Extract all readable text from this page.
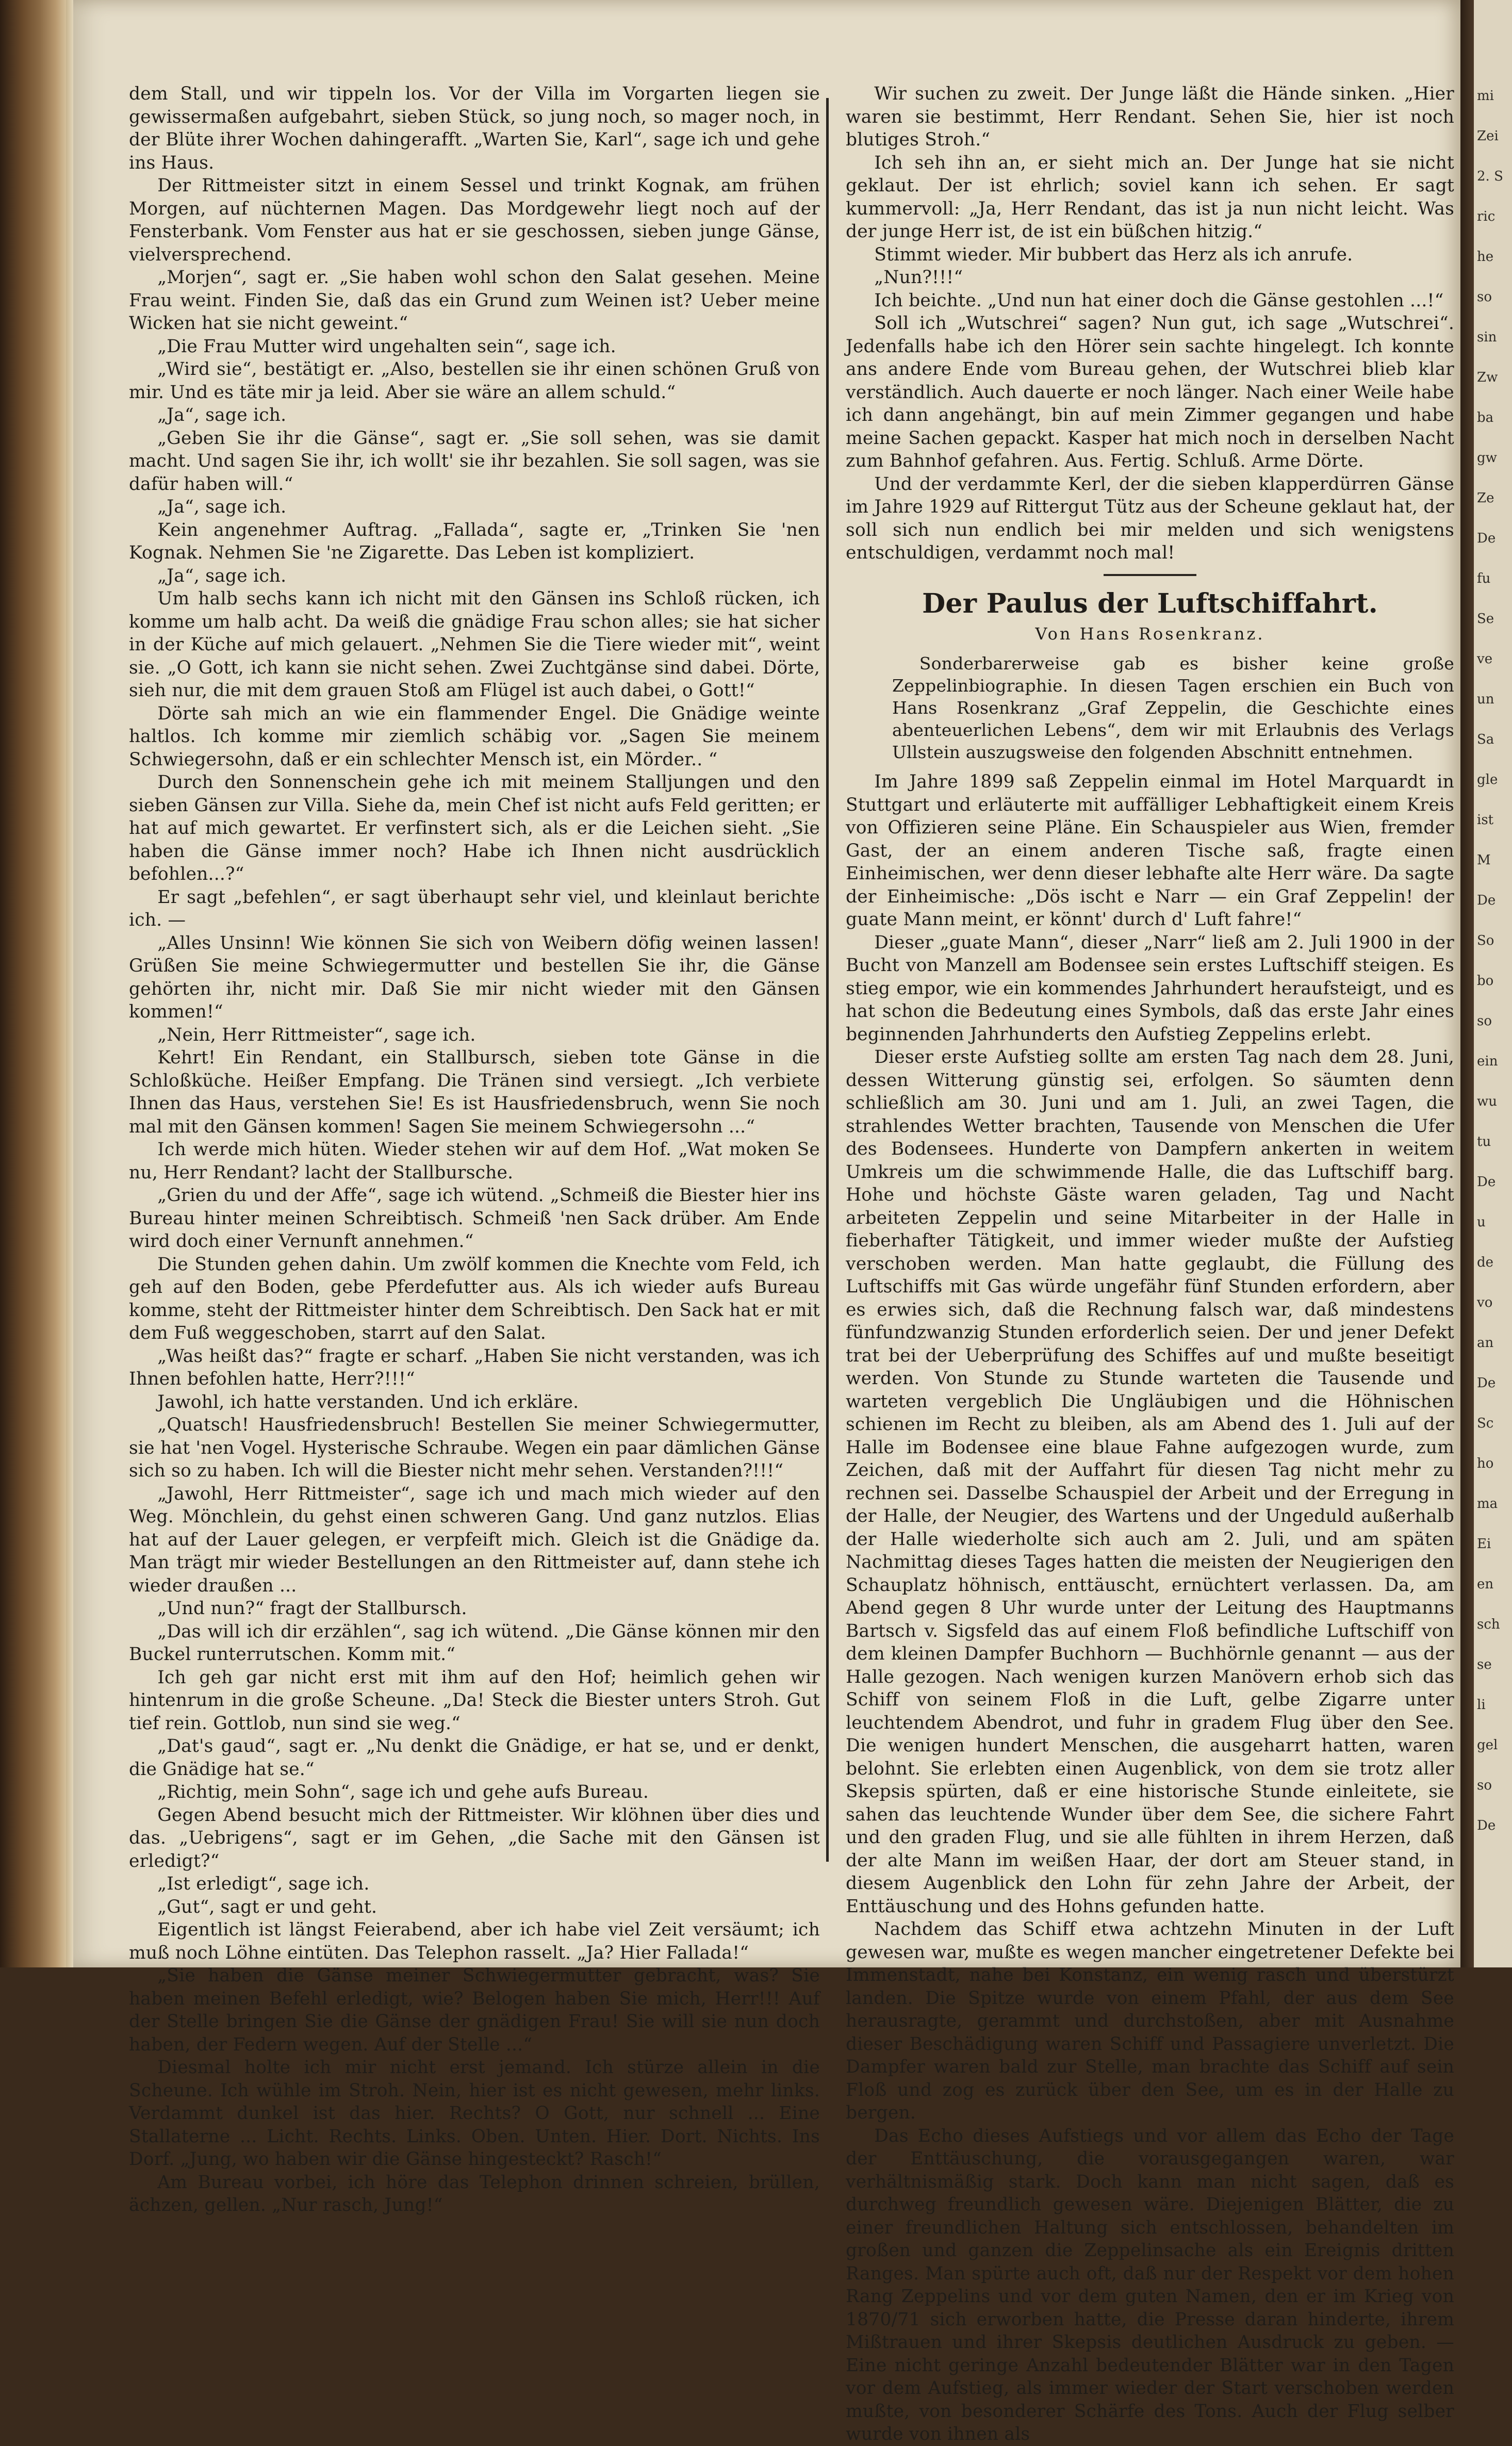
dem Stall, und wir tippeln los. Vor der Villa im Vorgarten liegen sie gewissermaßen aufgebahrt, sieben Stück, so jung noch, so mager noch, in der Blüte ihrer Wochen dahingerafft. „Warten Sie, Karl“, sage ich und gehe ins Haus.

Der Rittmeister sitzt in einem Sessel und trinkt Kognak, am frühen Morgen, auf nüchternen Magen. Das Mordgewehr liegt noch auf der Fensterbank. Vom Fenster aus hat er sie geschossen, sieben junge Gänse, vielversprechend.

„Morjen“, sagt er. „Sie haben wohl schon den Salat gesehen. Meine Frau weint. Finden Sie, daß das ein Grund zum Weinen ist? Ueber meine Wicken hat sie nicht geweint.“

„Die Frau Mutter wird ungehalten sein“, sage ich.

„Wird sie“, bestätigt er. „Also, bestellen sie ihr einen schönen Gruß von mir. Und es täte mir ja leid. Aber sie wäre an allem schuld.“

„Ja“, sage ich.

„Geben Sie ihr die Gänse“, sagt er. „Sie soll sehen, was sie damit macht. Und sagen Sie ihr, ich wollt' sie ihr bezahlen. Sie soll sagen, was sie dafür haben will.“

„Ja“, sage ich.

Kein angenehmer Auftrag. „Fallada“, sagte er, „Trinken Sie 'nen Kognak. Nehmen Sie 'ne Zigarette. Das Leben ist kompliziert.

„Ja“, sage ich.

Um halb sechs kann ich nicht mit den Gänsen ins Schloß rücken, ich komme um halb acht. Da weiß die gnädige Frau schon alles; sie hat sicher in der Küche auf mich gelauert. „Nehmen Sie die Tiere wieder mit“, weint sie. „O Gott, ich kann sie nicht sehen. Zwei Zuchtgänse sind dabei. Dörte, sieh nur, die mit dem grauen Stoß am Flügel ist auch dabei, o Gott!“

Dörte sah mich an wie ein flammender Engel. Die Gnädige weinte haltlos. Ich komme mir ziemlich schäbig vor. „Sagen Sie meinem Schwiegersohn, daß er ein schlechter Mensch ist, ein Mörder.. “

Durch den Sonnenschein gehe ich mit meinem Stalljungen und den sieben Gänsen zur Villa. Siehe da, mein Chef ist nicht aufs Feld geritten; er hat auf mich gewartet. Er verfinstert sich, als er die Leichen sieht. „Sie haben die Gänse immer noch? Habe ich Ihnen nicht ausdrücklich befohlen...?“

Er sagt „befehlen“, er sagt überhaupt sehr viel, und kleinlaut berichte ich. —

„Alles Unsinn! Wie können Sie sich von Weibern döfig weinen lassen! Grüßen Sie meine Schwiegermutter und bestellen Sie ihr, die Gänse gehörten ihr, nicht mir. Daß Sie mir nicht wieder mit den Gänsen kommen!“

„Nein, Herr Rittmeister“, sage ich.

Kehrt! Ein Rendant, ein Stallbursch, sieben tote Gänse in die Schloßküche. Heißer Empfang. Die Tränen sind versiegt. „Ich verbiete Ihnen das Haus, verstehen Sie! Es ist Hausfriedensbruch, wenn Sie noch mal mit den Gänsen kommen! Sagen Sie meinem Schwiegersohn ...“

Ich werde mich hüten. Wieder stehen wir auf dem Hof. „Wat moken Se nu, Herr Rendant? lacht der Stallbursche.

„Grien du und der Affe“, sage ich wütend. „Schmeiß die Biester hier ins Bureau hinter meinen Schreibtisch. Schmeiß 'nen Sack drüber. Am Ende wird doch einer Vernunft annehmen.“

Die Stunden gehen dahin. Um zwölf kommen die Knechte vom Feld, ich geh auf den Boden, gebe Pferdefutter aus. Als ich wieder aufs Bureau komme, steht der Rittmeister hinter dem Schreibtisch. Den Sack hat er mit dem Fuß weggeschoben, starrt auf den Salat.

„Was heißt das?“ fragte er scharf. „Haben Sie nicht verstanden, was ich Ihnen befohlen hatte, Herr?!!!“

Jawohl, ich hatte verstanden. Und ich erkläre.

„Quatsch! Hausfriedensbruch! Bestellen Sie meiner Schwiegermutter, sie hat 'nen Vogel. Hysterische Schraube. Wegen ein paar dämlichen Gänse sich so zu haben. Ich will die Biester nicht mehr sehen. Verstanden?!!!“

„Jawohl, Herr Rittmeister“, sage ich und mach mich wieder auf den Weg. Mönchlein, du gehst einen schweren Gang. Und ganz nutzlos. Elias hat auf der Lauer gelegen, er verpfeift mich. Gleich ist die Gnädige da. Man trägt mir wieder Bestellungen an den Rittmeister auf, dann stehe ich wieder draußen ...

„Und nun?“ fragt der Stallbursch.

„Das will ich dir erzählen“, sag ich wütend. „Die Gänse können mir den Buckel runterrutschen. Komm mit.“

Ich geh gar nicht erst mit ihm auf den Hof; heimlich gehen wir hintenrum in die große Scheune. „Da! Steck die Biester unters Stroh. Gut tief rein. Gottlob, nun sind sie weg.“

„Dat's gaud“, sagt er. „Nu denkt die Gnädige, er hat se, und er denkt, die Gnädige hat se.“

„Richtig, mein Sohn“, sage ich und gehe aufs Bureau.

Gegen Abend besucht mich der Rittmeister. Wir klöhnen über dies und das. „Uebrigens“, sagt er im Gehen, „die Sache mit den Gänsen ist erledigt?“

„Ist erledigt“, sage ich.

„Gut“, sagt er und geht.

Eigentlich ist längst Feierabend, aber ich habe viel Zeit versäumt; ich muß noch Löhne eintüten. Das Telephon rasselt. „Ja? Hier Fallada!“

„Sie haben die Gänse meiner Schwiegermutter gebracht, was? Sie haben meinen Befehl erledigt, wie? Belogen haben Sie mich, Herr!!! Auf der Stelle bringen Sie die Gänse der gnädigen Frau! Sie will sie nun doch haben, der Federn wegen. Auf der Stelle ...“

Diesmal holte ich mir nicht erst jemand. Ich stürze allein in die Scheune. Ich wühle im Stroh. Nein, hier ist es nicht gewesen, mehr links. Verdammt dunkel ist das hier. Rechts? O Gott, nur schnell ... Eine Stallaterne ... Licht. Rechts. Links. Oben. Unten. Hier. Dort. Nichts. Ins Dorf. „Jung, wo haben wir die Gänse hingesteckt? Rasch!“

Am Bureau vorbei, ich höre das Telephon drinnen schreien, brüllen, ächzen, gellen. „Nur rasch, Jung!“

Wir suchen zu zweit. Der Junge läßt die Hände sinken. „Hier waren sie bestimmt, Herr Rendant. Sehen Sie, hier ist noch blutiges Stroh.“

Ich seh ihn an, er sieht mich an. Der Junge hat sie nicht geklaut. Der ist ehrlich; soviel kann ich sehen. Er sagt kummervoll: „Ja, Herr Rendant, das ist ja nun nicht leicht. Was der junge Herr ist, de ist ein büßchen hitzig.“

Stimmt wieder. Mir bubbert das Herz als ich anrufe.

„Nun?!!!“

Ich beichte. „Und nun hat einer doch die Gänse gestohlen ...!“

Soll ich „Wutschrei“ sagen? Nun gut, ich sage „Wutschrei“. Jedenfalls habe ich den Hörer sein sachte hingelegt. Ich konnte ans andere Ende vom Bureau gehen, der Wutschrei blieb klar verständlich. Auch dauerte er noch länger. Nach einer Weile habe ich dann angehängt, bin auf mein Zimmer gegangen und habe meine Sachen gepackt. Kasper hat mich noch in derselben Nacht zum Bahnhof gefahren. Aus. Fertig. Schluß. Arme Dörte.

Und der verdammte Kerl, der die sieben klapperdürren Gänse im Jahre 1929 auf Rittergut Tütz aus der Scheune geklaut hat, der soll sich nun endlich bei mir melden und sich wenigstens entschuldigen, verdammt noch mal!

Der Paulus der Luftschiffahrt.
Von Hans Rosenkranz.

Sonderbarerweise gab es bisher keine große Zeppelinbiographie. In diesen Tagen erschien ein Buch von Hans Rosenkranz „Graf Zeppelin, die Geschichte eines abenteuerlichen Lebens“, dem wir mit Erlaubnis des Verlags Ullstein auszugsweise den folgenden Abschnitt entnehmen.

Im Jahre 1899 saß Zeppelin einmal im Hotel Marquardt in Stuttgart und erläuterte mit auffälliger Lebhaftigkeit einem Kreis von Offizieren seine Pläne. Ein Schauspieler aus Wien, fremder Gast, der an einem anderen Tische saß, fragte einen Einheimischen, wer denn dieser lebhafte alte Herr wäre. Da sagte der Einheimische: „Dös ischt e Narr — ein Graf Zeppelin! der guate Mann meint, er könnt' durch d' Luft fahre!“

Dieser „guate Mann“, dieser „Narr“ ließ am 2. Juli 1900 in der Bucht von Manzell am Bodensee sein erstes Luftschiff steigen. Es stieg empor, wie ein kommendes Jahrhundert heraufsteigt, und es hat schon die Bedeutung eines Symbols, daß das erste Jahr eines beginnenden Jahrhunderts den Aufstieg Zeppelins erlebt.

Dieser erste Aufstieg sollte am ersten Tag nach dem 28. Juni, dessen Witterung günstig sei, erfolgen. So säumten denn schließlich am 30. Juni und am 1. Juli, an zwei Tagen, die strahlendes Wetter brachten, Tausende von Menschen die Ufer des Bodensees. Hunderte von Dampfern ankerten in weitem Umkreis um die schwimmende Halle, die das Luftschiff barg. Hohe und höchste Gäste waren geladen, Tag und Nacht arbeiteten Zeppelin und seine Mitarbeiter in der Halle in fieberhafter Tätigkeit, und immer wieder mußte der Aufstieg verschoben werden. Man hatte geglaubt, die Füllung des Luftschiffs mit Gas würde ungefähr fünf Stunden erfordern, aber es erwies sich, daß die Rechnung falsch war, daß mindestens fünfundzwanzig Stunden erforderlich seien. Der und jener Defekt trat bei der Ueberprüfung des Schiffes auf und mußte beseitigt werden. Von Stunde zu Stunde warteten die Tausende und warteten vergeblich Die Ungläubigen und die Höhnischen schienen im Recht zu bleiben, als am Abend des 1. Juli auf der Halle im Bodensee eine blaue Fahne aufgezogen wurde, zum Zeichen, daß mit der Auffahrt für diesen Tag nicht mehr zu rechnen sei. Dasselbe Schauspiel der Arbeit und der Erregung in der Halle, der Neugier, des Wartens und der Ungeduld außerhalb der Halle wiederholte sich auch am 2. Juli, und am späten Nachmittag dieses Tages hatten die meisten der Neugierigen den Schauplatz höhnisch, enttäuscht, ernüchtert verlassen. Da, am Abend gegen 8 Uhr wurde unter der Leitung des Hauptmanns Bartsch v. Sigsfeld das auf einem Floß befindliche Luftschiff von dem kleinen Dampfer Buchhorn — Buchhörnle genannt — aus der Halle gezogen. Nach wenigen kurzen Manövern erhob sich das Schiff von seinem Floß in die Luft, gelbe Zigarre unter leuchtendem Abendrot, und fuhr in gradem Flug über den See. Die wenigen hundert Menschen, die ausgeharrt hatten, waren belohnt. Sie erlebten einen Augenblick, von dem sie trotz aller Skepsis spürten, daß er eine historische Stunde einleitete, sie sahen das leuchtende Wunder über dem See, die sichere Fahrt und den graden Flug, und sie alle fühlten in ihrem Herzen, daß der alte Mann im weißen Haar, der dort am Steuer stand, in diesem Augenblick den Lohn für zehn Jahre der Arbeit, der Enttäuschung und des Hohns gefunden hatte.

Nachdem das Schiff etwa achtzehn Minuten in der Luft gewesen war, mußte es wegen mancher eingetretener Defekte bei Immenstadt, nahe bei Konstanz, ein wenig rasch und überstürzt landen. Die Spitze wurde von einem Pfahl, der aus dem See herausragte, gerammt und durchstoßen, aber mit Ausnahme dieser Beschädigung waren Schiff und Passagiere unverletzt. Die Dampfer waren bald zur Stelle, man brachte das Schiff auf sein Floß und zog es zurück über den See, um es in der Halle zu bergen.

Das Echo dieses Aufstiegs und vor allem das Echo der Tage der Enttäuschung, die vorausgegangen waren, war verhältnismäßig stark. Doch kann man nicht sagen, daß es durchweg freundlich gewesen wäre. Diejenigen Blätter, die zu einer freundlichen Haltung sich entschlossen, behandelten im großen und ganzen die Zeppelinsache als ein Ereignis dritten Ranges. Man spürte auch oft, daß nur der Respekt vor dem hohen Rang Zeppelins und vor dem guten Namen, den er im Krieg von 1870/71 sich erworben hatte, die Presse daran hinderte, ihrem Mißtrauen und ihrer Skepsis deutlichen Ausdruck zu geben. — Eine nicht geringe Anzahl bedeutender Blätter war in den Tagen vor dem Aufstieg, als immer wieder der Start verschoben werden mußte, von besonderer Schärfe des Tons. Auch der Flug selber wurde von ihnen als

mi
Zei
2. S
ric
he
so
sin
Zw
ba
gw
Ze
De
fu
Se
ve
un
Sa
gle
ist
M
De
So
bo
so
ein
wu
tu
De
u
de
vo
an
De
Sc
ho
ma
Ei
en
sch
se
li
gel
so
De
